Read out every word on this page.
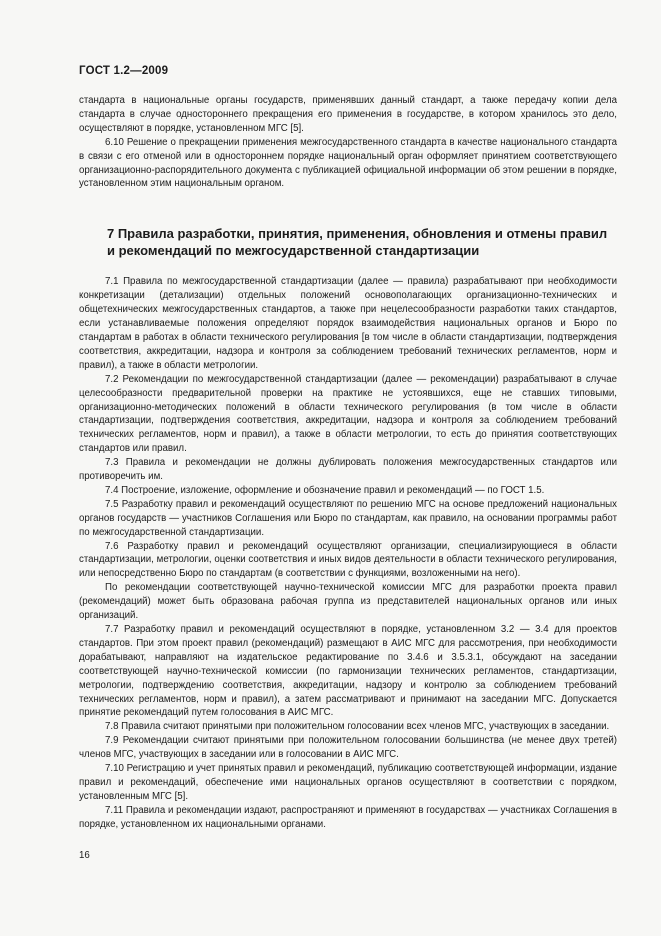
ГОСТ 1.2—2009

стандарта в национальные органы государств, применявших данный стандарт, а также передачу копии дела стандарта в случае одностороннего прекращения его применения в государстве, в котором хранилось это дело, осуществляют в порядке, установленном МГС [5].

6.10 Решение о прекращении применения межгосударственного стандарта в качестве национального стандарта в связи с его отменой или в одностороннем порядке национальный орган оформляет принятием соответствующего организационно-распорядительного документа с публикацией официальной информации об этом решении в порядке, установленном этим национальным органом.

7 Правила разработки, принятия, применения, обновления и отмены правил и рекомендаций по межгосударственной стандартизации

7.1 Правила по межгосударственной стандартизации (далее — правила) разрабатывают при необходимости конкретизации (детализации) отдельных положений основополагающих организационно-технических и общетехнических межгосударственных стандартов, а также при нецелесообразности разработки таких стандартов, если устанавливаемые положения определяют порядок взаимодействия национальных органов и Бюро по стандартам в работах в области технического регулирования [в том числе в области стандартизации, подтверждения соответствия, аккредитации, надзора и контроля за соблюдением требований технических регламентов, норм и правил), а также в области метрологии.

7.2 Рекомендации по межгосударственной стандартизации (далее — рекомендации) разрабатывают в случае целесообразности предварительной проверки на практике не устоявшихся, еще не ставших типовыми, организационно-методических положений в области технического регулирования (в том числе в области стандартизации, подтверждения соответствия, аккредитации, надзора и контроля за соблюдением требований технических регламентов, норм и правил), а также в области метрологии, то есть до принятия соответствующих стандартов или правил.

7.3 Правила и рекомендации не должны дублировать положения межгосударственных стандартов или противоречить им.

7.4 Построение, изложение, оформление и обозначение правил и рекомендаций — по ГОСТ 1.5.

7.5 Разработку правил и рекомендаций осуществляют по решению МГС на основе предложений национальных органов государств — участников Соглашения или Бюро по стандартам, как правило, на основании программы работ по межгосударственной стандартизации.

7.6 Разработку правил и рекомендаций осуществляют организации, специализирующиеся в области стандартизации, метрологии, оценки соответствия и иных видов деятельности в области технического регулирования, или непосредственно Бюро по стандартам (в соответствии с функциями, возложенными на него).

По рекомендации соответствующей научно-технической комиссии МГС для разработки проекта правил (рекомендаций) может быть образована рабочая группа из представителей национальных органов или иных организаций.

7.7 Разработку правил и рекомендаций осуществляют в порядке, установленном 3.2 — 3.4 для проектов стандартов. При этом проект правил (рекомендаций) размещают в АИС МГС для рассмотрения, при необходимости дорабатывают, направляют на издательское редактирование по 3.4.6 и 3.5.3.1, обсуждают на заседании соответствующей научно-технической комиссии (по гармонизации технических регламентов, стандартизации, метрологии, подтверждению соответствия, аккредитации, надзору и контролю за соблюдением требований технических регламентов, норм и правил), а затем рассматривают и принимают на заседании МГС. Допускается принятие рекомендаций путем голосования в АИС МГС.

7.8 Правила считают принятыми при положительном голосовании всех членов МГС, участвующих в заседании.

7.9 Рекомендации считают принятыми при положительном голосовании большинства (не менее двух третей) членов МГС, участвующих в заседании или в голосовании в АИС МГС.

7.10 Регистрацию и учет принятых правил и рекомендаций, публикацию соответствующей информации, издание правил и рекомендаций, обеспечение ими национальных органов осуществляют в соответствии с порядком, установленным МГС [5].

7.11 Правила и рекомендации издают, распространяют и применяют в государствах — участниках Соглашения в порядке, установленном их национальными органами.

16
